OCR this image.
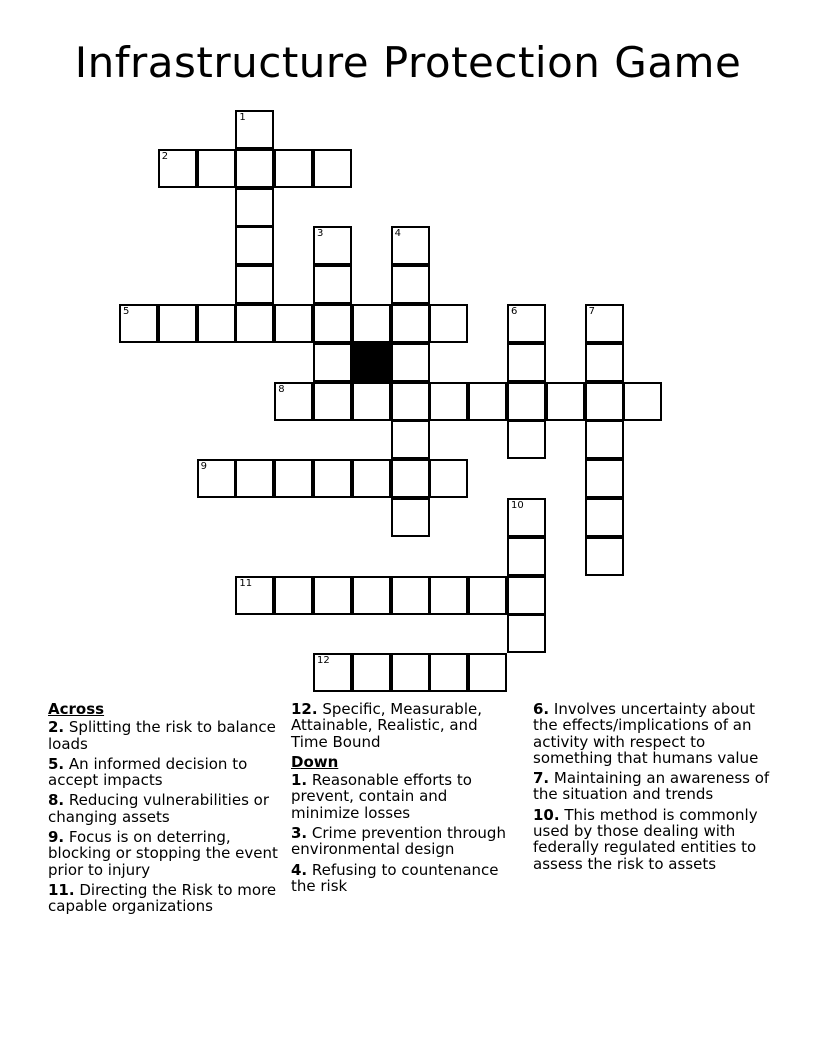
Infrastructure Protection Game
1
2
3	4
5	6	7
8
9
10
11
12
Across
2. Splitting the risk to balance loads
5. An informed decision to accept impacts
8. Reducing vulnerabilities or changing assets
9. Focus is on deterring, blocking or stopping the event prior to injury
11. Directing the Risk to more capable organizations
12. Specific, Measurable, Attainable, Realistic, and Time Bound
Down
1. Reasonable efforts to prevent, contain and minimize losses
3. Crime prevention through environmental design
4. Refusing to countenance the risk
6. Involves uncertainty about the effects/implications of an activity with respect to something that humans value
7. Maintaining an awareness of the situation and trends
10. This method is commonly used by those dealing with federally regulated entities to assess the risk to assets
